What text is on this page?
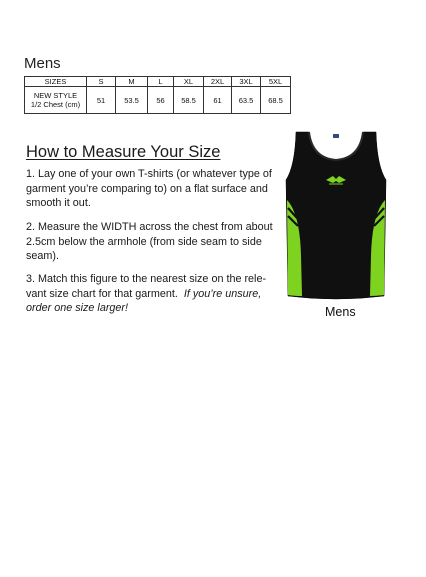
Mens
SIZES	S	M	L	XL	2XL	3XL	5XL

NEW STYLE
1/2 Chest (cm)	51	53.5	56	58.5	61	63.5	68.5
How to Measure Your Size
1. Lay one of your own T-shirts (or whatever type of
garment you’re comparing to) on a flat surface and
smooth it out.
2. Measure the WIDTH across the chest from about
2.5cm below the armhole (from side seam to side
seam).
3. Match this figure to the nearest size on the rele-
vant size chart for that garment. If you’re unsure,
order one size larger!	Mens
